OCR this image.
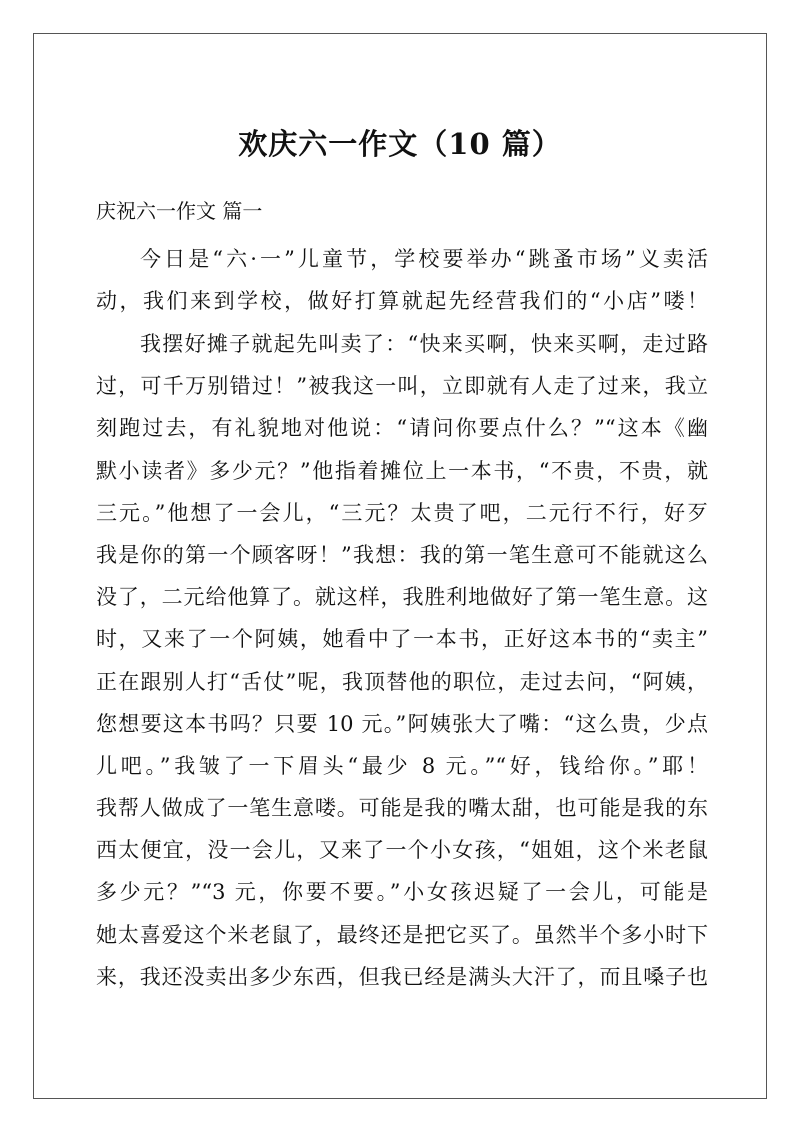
欢庆六一作文（10 篇）
庆祝六一作文 篇一
今日是“六·一”儿童节，学校要举办“跳蚤市场”义卖活
动，我们来到学校，做好打算就起先经营我们的“小店”喽！
我摆好摊子就起先叫卖了：“快来买啊，快来买啊，走过路
过，可千万别错过！”被我这一叫，立即就有人走了过来，我立
刻跑过去，有礼貌地对他说：“请问你要点什么？”“这本《幽
默小读者》多少元？”他指着摊位上一本书，“不贵，不贵，就
三元。”他想了一会儿，“三元？太贵了吧，二元行不行，好歹
我是你的第一个顾客呀！”我想：我的第一笔生意可不能就这么
没了，二元给他算了。就这样，我胜利地做好了第一笔生意。这
时，又来了一个阿姨，她看中了一本书，正好这本书的“卖主”
正在跟别人打“舌仗”呢，我顶替他的职位，走过去问，“阿姨，
您想要这本书吗？只要 10 元。”阿姨张大了嘴：“这么贵，少点
儿吧。”我皱了一下眉头“最少 8 元。”“好，钱给你。”耶！
我帮人做成了一笔生意喽。可能是我的嘴太甜，也可能是我的东
西太便宜，没一会儿，又来了一个小女孩，“姐姐，这个米老鼠
多少元？”“3 元，你要不要。”小女孩迟疑了一会儿，可能是
她太喜爱这个米老鼠了，最终还是把它买了。虽然半个多小时下
来，我还没卖出多少东西，但我已经是满头大汗了，而且嗓子也
